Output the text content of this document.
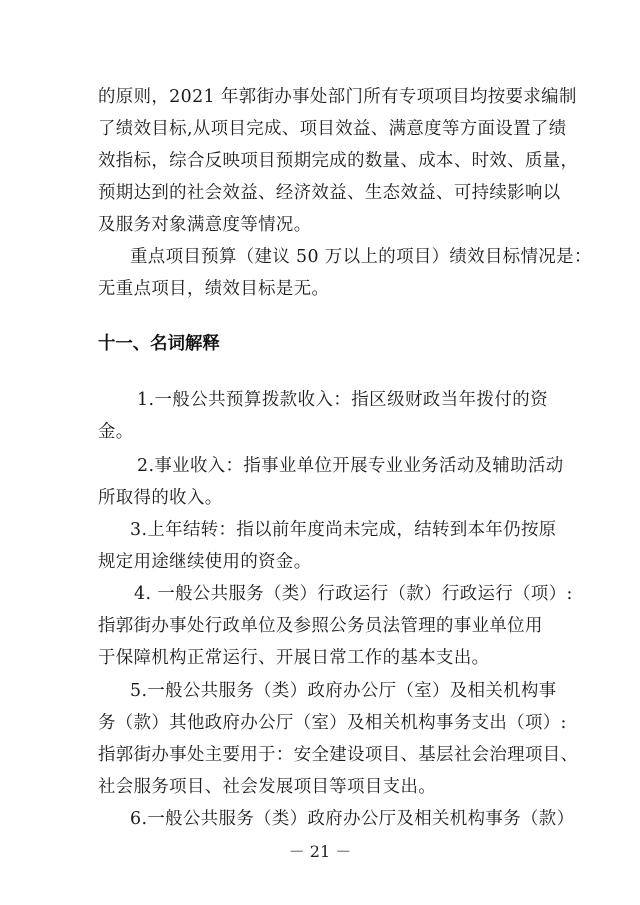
的原则，2021 年郭街办事处部门所有专项项目均按要求编制
了绩效目标,从项目完成、项目效益、满意度等方面设置了绩
效指标，综合反映项目预期完成的数量、成本、时效、质量，
预期达到的社会效益、经济效益、生态效益、可持续影响以
及服务对象满意度等情况。
重点项目预算（建议 50 万以上的项目）绩效目标情况是：
无重点项目，绩效目标是无。
十一、名词解释
1.一般公共预算拨款收入：指区级财政当年拨付的资
金。
2.事业收入：指事业单位开展专业业务活动及辅助活动
所取得的收入。
3.上年结转：指以前年度尚未完成，结转到本年仍按原
规定用途继续使用的资金。
4. 一般公共服务（类）行政运行（款）行政运行（项）:
指郭街办事处行政单位及参照公务员法管理的事业单位用
于保障机构正常运行、开展日常工作的基本支出。
5.一般公共服务（类）政府办公厅（室）及相关机构事
务（款）其他政府办公厅（室）及相关机构事务支出（项）:
指郭街办事处主要用于：安全建设项目、基层社会治理项目、
社会服务项目、社会发展项目等项目支出。
6.一般公共服务（类）政府办公厅及相关机构事务（款）
－ 21 －
